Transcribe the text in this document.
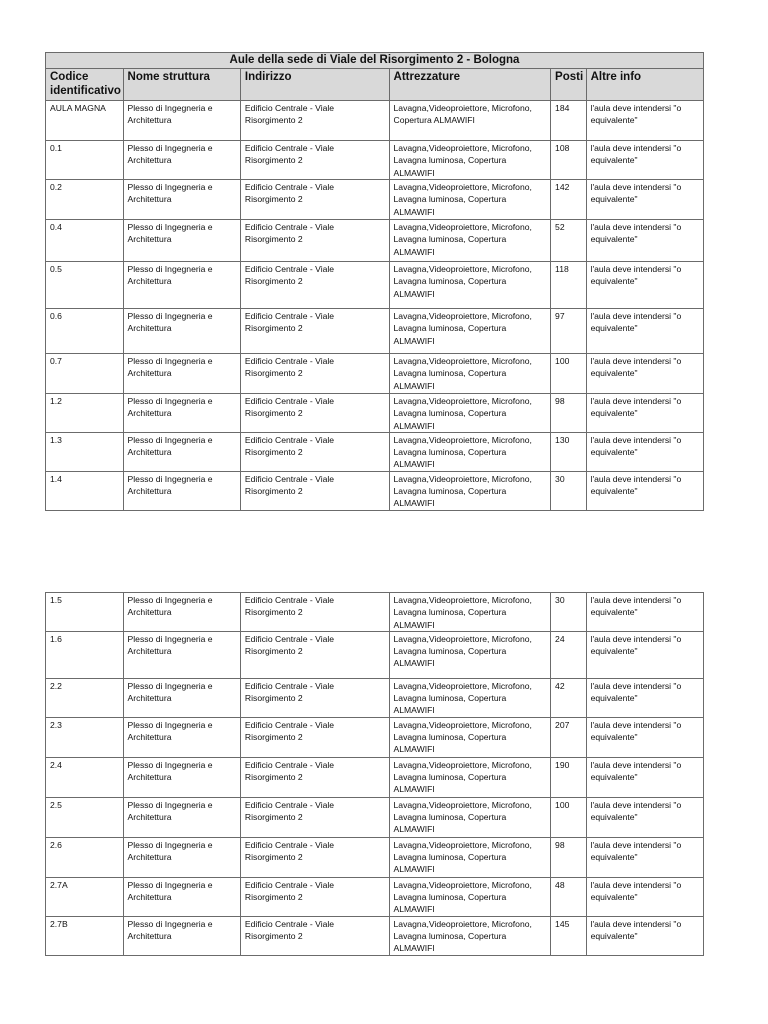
Aule della sede di Viale del Risorgimento 2 - Bologna					
Codice identificativo	Nome struttura	Indirizzo	Attrezzature	Posti	Altre info
AULA MAGNA	Plesso di Ingegneria e Architettura	Edificio Centrale - Viale Risorgimento 2	Lavagna,Videoproiettore, Microfono, Copertura ALMAWIFI	184	l'aula deve intendersi "o equivalente"
0.1	Plesso di Ingegneria e Architettura	Edificio Centrale - Viale Risorgimento 2	Lavagna,Videoproiettore, Microfono, Lavagna luminosa, Copertura ALMAWIFI	108	l'aula deve intendersi "o equivalente"
0.2	Plesso di Ingegneria e Architettura	Edificio Centrale - Viale Risorgimento 2	Lavagna,Videoproiettore, Microfono, Lavagna luminosa, Copertura ALMAWIFI	142	l'aula deve intendersi "o equivalente"
0.4	Plesso di Ingegneria e Architettura	Edificio Centrale - Viale Risorgimento 2	Lavagna,Videoproiettore, Microfono, Lavagna luminosa, Copertura ALMAWIFI	52	l'aula deve intendersi "o equivalente"
0.5	Plesso di Ingegneria e Architettura	Edificio Centrale - Viale Risorgimento 2	Lavagna,Videoproiettore, Microfono, Lavagna luminosa, Copertura ALMAWIFI	118	l'aula deve intendersi "o equivalente"
0.6	Plesso di Ingegneria e Architettura	Edificio Centrale - Viale Risorgimento 2	Lavagna,Videoproiettore, Microfono, Lavagna luminosa, Copertura ALMAWIFI	97	l'aula deve intendersi "o equivalente"
0.7	Plesso di Ingegneria e Architettura	Edificio Centrale - Viale Risorgimento 2	Lavagna,Videoproiettore, Microfono, Lavagna luminosa, Copertura ALMAWIFI	100	l'aula deve intendersi "o equivalente"
1.2	Plesso di Ingegneria e Architettura	Edificio Centrale - Viale Risorgimento 2	Lavagna,Videoproiettore, Microfono, Lavagna luminosa, Copertura ALMAWIFI	98	l'aula deve intendersi "o equivalente"
1.3	Plesso di Ingegneria e Architettura	Edificio Centrale - Viale Risorgimento 2	Lavagna,Videoproiettore, Microfono, Lavagna luminosa, Copertura ALMAWIFI	130	l'aula deve intendersi "o equivalente"
1.4	Plesso di Ingegneria e Architettura	Edificio Centrale - Viale Risorgimento 2	Lavagna,Videoproiettore, Microfono, Lavagna luminosa, Copertura ALMAWIFI	30	l'aula deve intendersi "o equivalente"
1.5	Plesso di Ingegneria e Architettura	Edificio Centrale - Viale Risorgimento 2	Lavagna,Videoproiettore, Microfono, Lavagna luminosa, Copertura ALMAWIFI	30	l'aula deve intendersi "o equivalente"
1.6	Plesso di Ingegneria e Architettura	Edificio Centrale - Viale Risorgimento 2	Lavagna,Videoproiettore, Microfono, Lavagna luminosa, Copertura ALMAWIFI	24	l'aula deve intendersi "o equivalente"
2.2	Plesso di Ingegneria e Architettura	Edificio Centrale - Viale Risorgimento 2	Lavagna,Videoproiettore, Microfono, Lavagna luminosa, Copertura ALMAWIFI	42	l'aula deve intendersi "o equivalente"
2.3	Plesso di Ingegneria e Architettura	Edificio Centrale - Viale Risorgimento 2	Lavagna,Videoproiettore, Microfono, Lavagna luminosa, Copertura ALMAWIFI	207	l'aula deve intendersi "o equivalente"
2.4	Plesso di Ingegneria e Architettura	Edificio Centrale - Viale Risorgimento 2	Lavagna,Videoproiettore, Microfono, Lavagna luminosa, Copertura ALMAWIFI	190	l'aula deve intendersi "o equivalente"
2.5	Plesso di Ingegneria e Architettura	Edificio Centrale - Viale Risorgimento 2	Lavagna,Videoproiettore, Microfono, Lavagna luminosa, Copertura ALMAWIFI	100	l'aula deve intendersi "o equivalente"
2.6	Plesso di Ingegneria e Architettura	Edificio Centrale - Viale Risorgimento 2	Lavagna,Videoproiettore, Microfono, Lavagna luminosa, Copertura ALMAWIFI	98	l'aula deve intendersi "o equivalente"
2.7A	Plesso di Ingegneria e Architettura	Edificio Centrale - Viale Risorgimento 2	Lavagna,Videoproiettore, Microfono, Lavagna luminosa, Copertura ALMAWIFI	48	l'aula deve intendersi "o equivalente"
2.7B	Plesso di Ingegneria e Architettura	Edificio Centrale - Viale Risorgimento 2	Lavagna,Videoproiettore, Microfono, Lavagna luminosa, Copertura ALMAWIFI	145	l'aula deve intendersi "o equivalente"
